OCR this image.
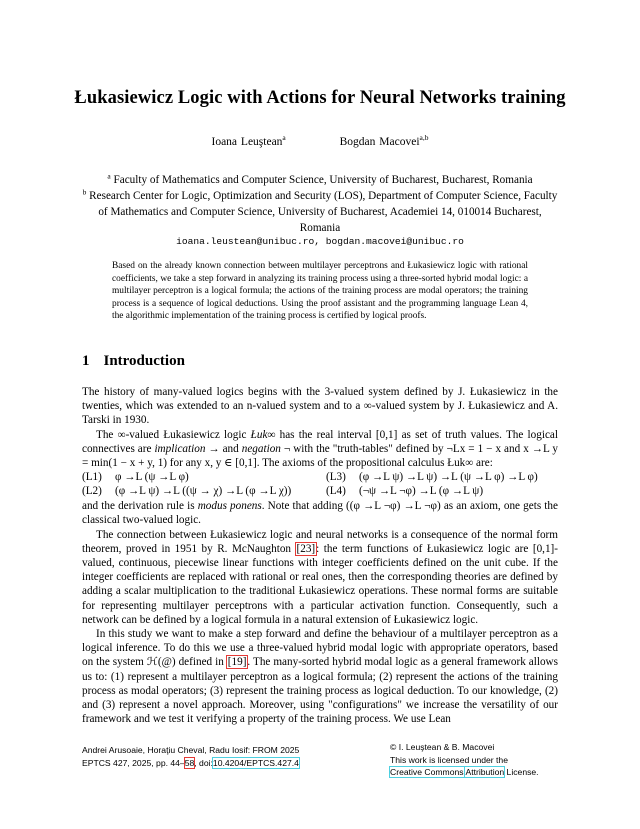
Łukasiewicz Logic with Actions for Neural Networks training
Ioana Leuştean$^a$	Bogdan Macovei$^{a,b}$
$^a$ Faculty of Mathematics and Computer Science, University of Bucharest, Bucharest, Romania
$^b$ Research Center for Logic, Optimization and Security (LOS), Department of Computer Science, Faculty of Mathematics and Computer Science, University of Bucharest, Academiei 14, 010014 Bucharest, Romania
ioana.leustean@unibuc.ro, bogdan.macovei@unibuc.ro
Based on the already known connection between multilayer perceptrons and Łukasiewicz logic with rational coefficients, we take a step forward in analyzing its training process using a three-sorted hybrid modal logic: a multilayer perceptron is a logical formula; the actions of the training process are modal operators; the training process is a sequence of logical deductions. Using the proof assistant and the programming language Lean 4, the algorithmic implementation of the training process is certified by logical proofs.
1 Introduction

The history of many-valued logics begins with the 3-valued system defined by J. Łukasiewicz in the twenties, which was extended to an n-valued system and to a ∞-valued system by J. Łukasiewicz and A. Tarski in 1930.

The ∞-valued Łukasiewicz logic Łuk∞ has the real interval [0,1] as set of truth values. The logical connectives are implication → and negation ¬ with the "truth-tables" defined by ¬Lx = 1 − x and x →L y = min(1 − x + y, 1) for any x, y ∈ [0,1]. The axioms of the propositional calculus Łuk∞ are:

(L1) φ →L (ψ →L φ)	(L3) (φ →L ψ) →L ψ) →L (ψ →L φ) →L φ)
(L2) (φ →L ψ) →L ((ψ → χ) →L (φ →L χ))	(L4) (¬ψ →L ¬φ) →L (φ →L ψ)

and the derivation rule is modus ponens. Note that adding ((φ →L ¬φ) →L ¬φ) as an axiom, one gets the classical two-valued logic.

The connection between Łukasiewicz logic and neural networks is a consequence of the normal form theorem, proved in 1951 by R. McNaughton [23]: the term functions of Łukasiewicz logic are [0,1]-valued, continuous, piecewise linear functions with integer coefficients defined on the unit cube. If the integer coefficients are replaced with rational or real ones, then the corresponding theories are defined by adding a scalar multiplication to the traditional Łukasiewicz operations. These normal forms are suitable for representing multilayer perceptrons with a particular activation function. Consequently, such a network can be defined by a logical formula in a natural extension of Łukasiewicz logic.

In this study we want to make a step forward and define the behaviour of a multilayer perceptron as a logical inference. To do this we use a three-valued hybrid modal logic with appropriate operators, based on the system ℋ(@) defined in [19]. The many-sorted hybrid modal logic as a general framework allows us to: (1) represent a multilayer perceptron as a logical formula; (2) represent the actions of the training process as modal operators; (3) represent the training process as logical deduction. To our knowledge, (2) and (3) represent a novel approach. Moreover, using "configurations" we increase the versatility of our framework and we test it verifying a property of the training process. We use Lean

Andrei Arusoaie, Horaţiu Cheval, Radu Iosif: FROM 2025
EPTCS 427, 2025, pp. 44–58, doi:10.4204/EPTCS.427.4
© I. Leuştean & B. Macovei
This work is licensed under the
Creative Commons Attribution License.
